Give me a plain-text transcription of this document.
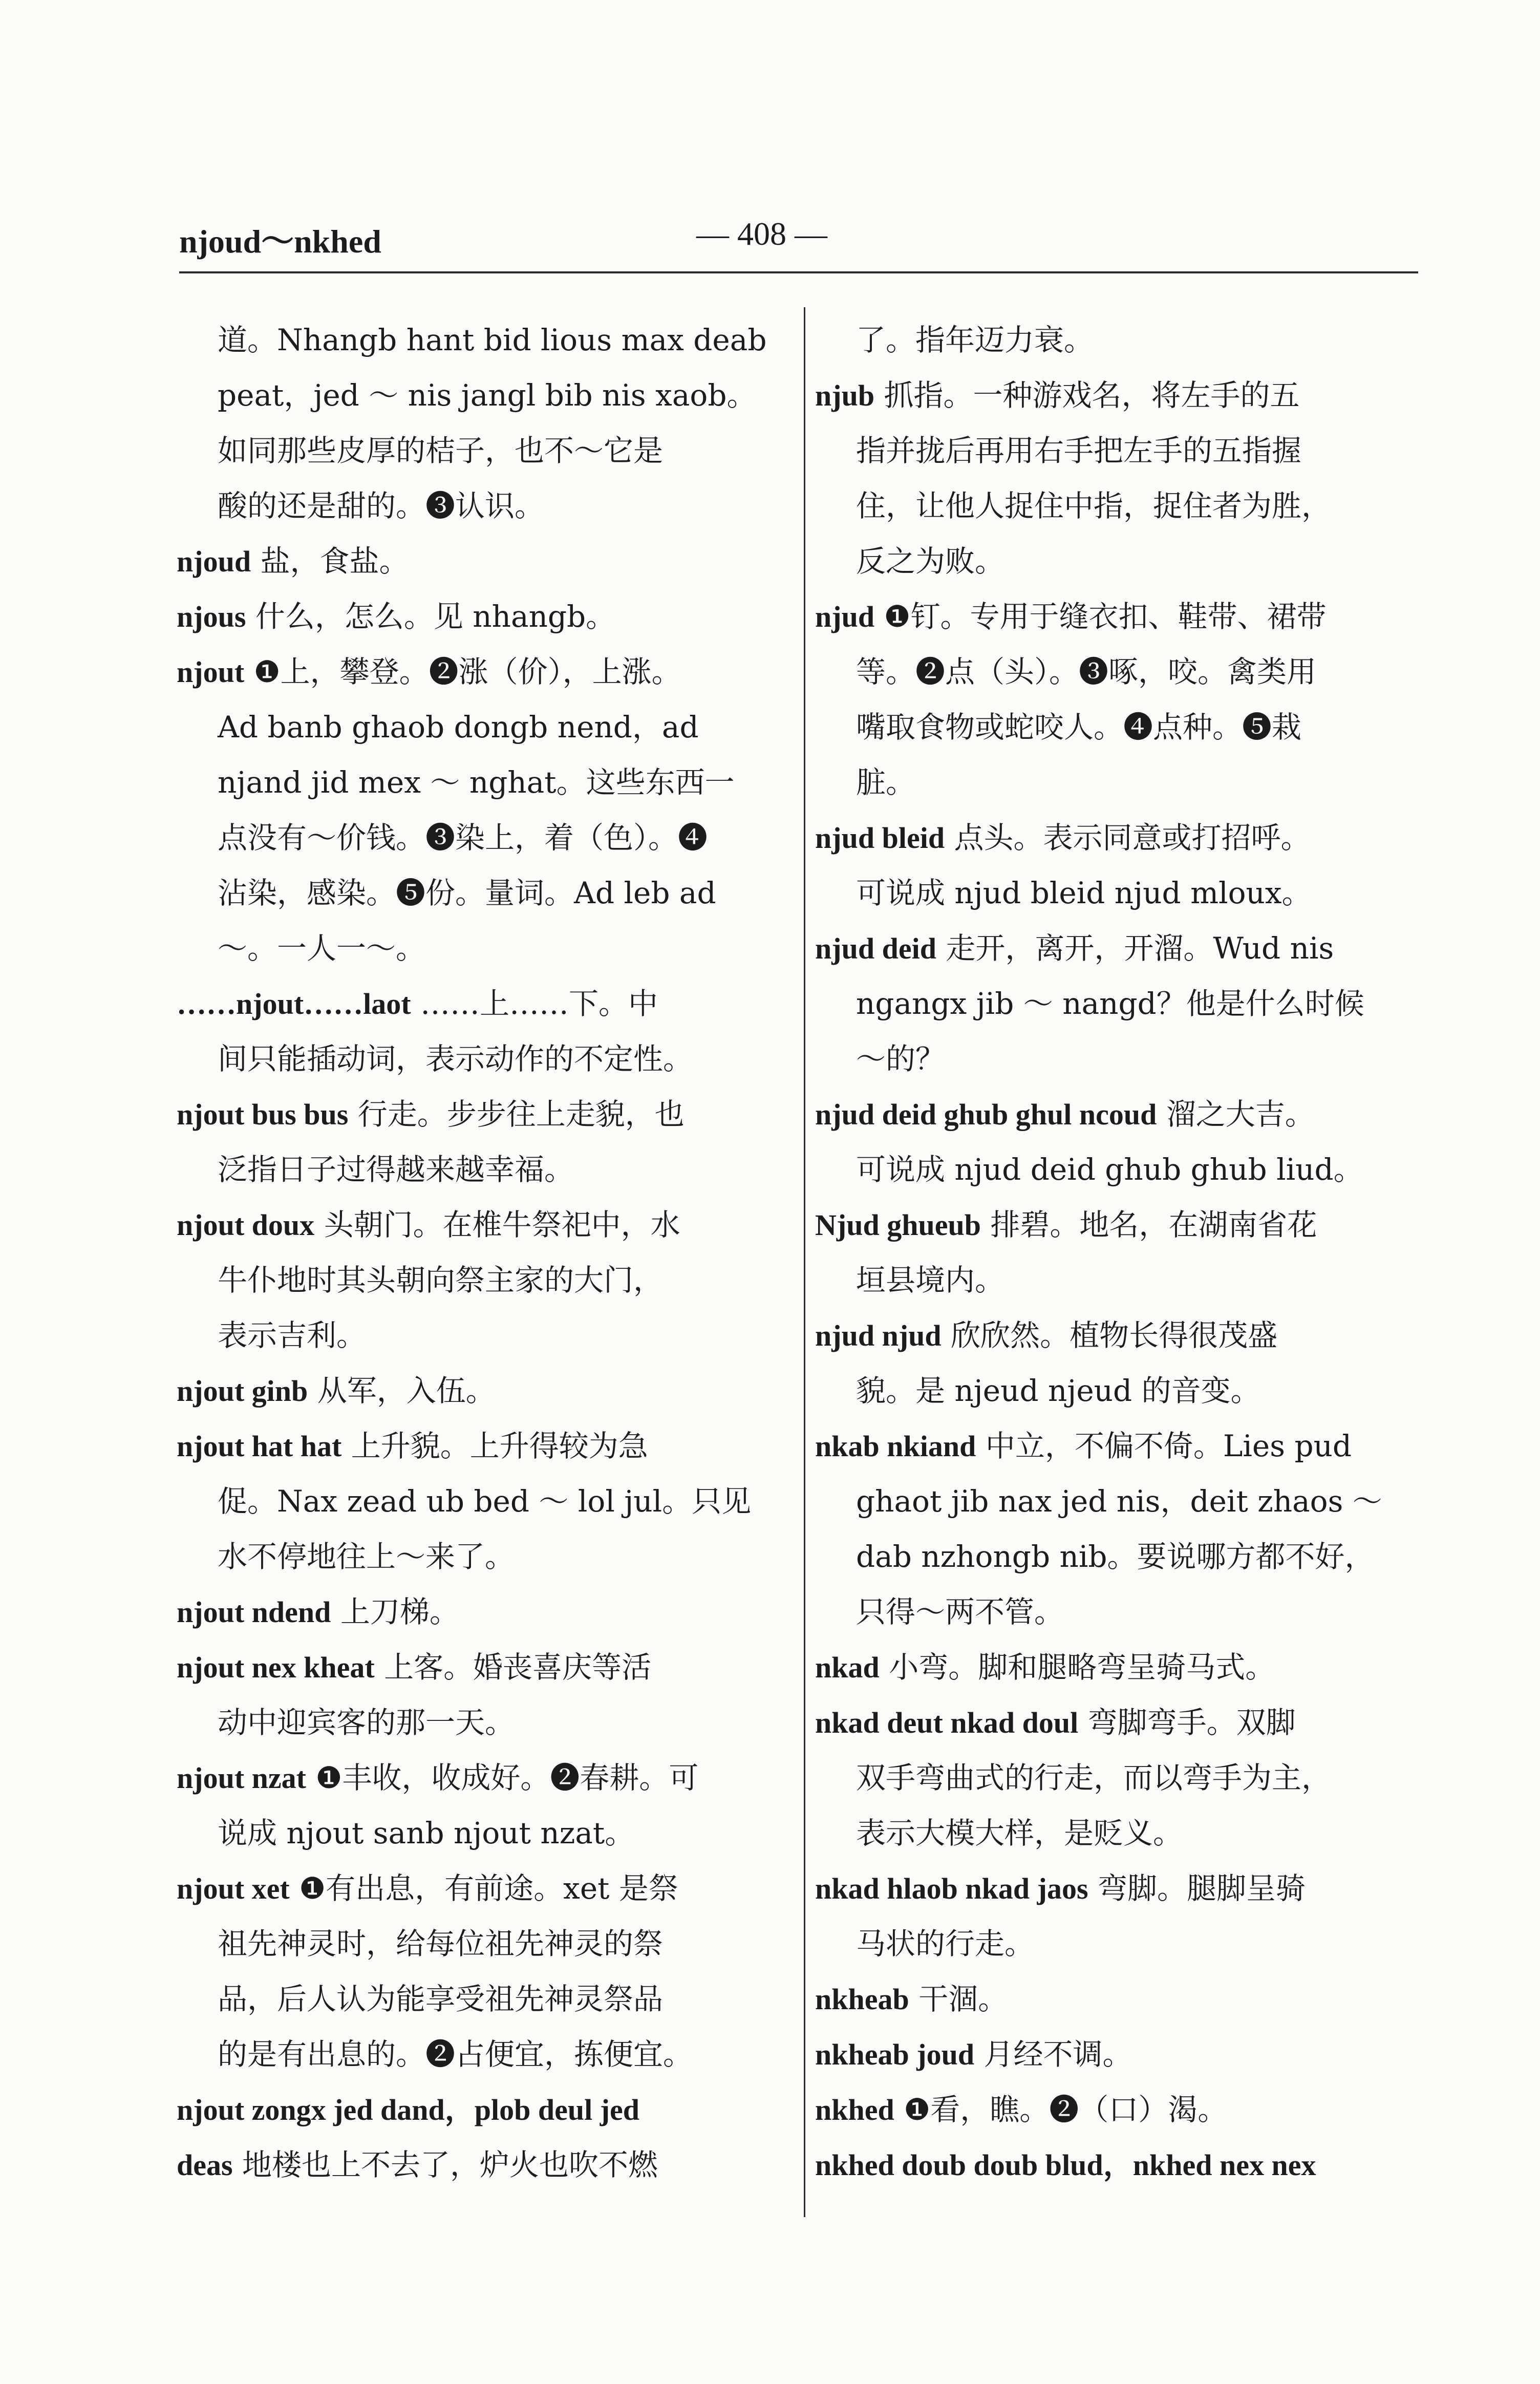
njoud～nkhed	— 408 —
道。Nhangb hant bid lious max deab
peat，jed ～ nis jangl bib nis xaob。
如同那些皮厚的桔子，也不～它是
酸的还是甜的。❸认识。
njoud 盐，食盐。
njous 什么，怎么。见 nhangb。
njout ❶上，攀登。❷涨（价），上涨。
Ad banb ghaob dongb nend，ad
njand jid mex ～ nghat。这些东西一
点没有～价钱。❸染上，着（色）。❹
沾染，感染。❺份。量词。Ad leb ad
～。一人一～。
……njout……laot ……上……下。中
间只能插动词，表示动作的不定性。
njout bus bus 行走。步步往上走貌，也
泛指日子过得越来越幸福。
njout doux 头朝门。在椎牛祭祀中，水
牛仆地时其头朝向祭主家的大门，
表示吉利。
njout ginb 从军，入伍。
njout hat hat 上升貌。上升得较为急
促。Nax zead ub bed ～ lol jul。只见
水不停地往上～来了。
njout ndend 上刀梯。
njout nex kheat 上客。婚丧喜庆等活
动中迎宾客的那一天。
njout nzat ❶丰收，收成好。❷春耕。可
说成 njout sanb njout nzat。
njout xet ❶有出息，有前途。xet 是祭
祖先神灵时，给每位祖先神灵的祭
品，后人认为能享受祖先神灵祭品
的是有出息的。❷占便宜，拣便宜。
njout zongx jed dand，plob deul jed
deas 地楼也上不去了，炉火也吹不燃
了。指年迈力衰。
njub 抓指。一种游戏名，将左手的五
指并拢后再用右手把左手的五指握
住，让他人捉住中指，捉住者为胜，
反之为败。
njud ❶钉。专用于缝衣扣、鞋带、裙带
等。❷点（头）。❸啄，咬。禽类用
嘴取食物或蛇咬人。❹点种。❺栽
脏。
njud bleid 点头。表示同意或打招呼。
可说成 njud bleid njud mloux。
njud deid 走开，离开，开溜。Wud nis
ngangx jib ～ nangd？他是什么时候
～的？
njud deid ghub ghul ncoud 溜之大吉。
可说成 njud deid ghub ghub liud。
Njud ghueub 排碧。地名，在湖南省花
垣县境内。
njud njud 欣欣然。植物长得很茂盛
貌。是 njeud njeud 的音变。
nkab nkiand 中立，不偏不倚。Lies pud
ghaot jib nax jed nis，deit zhaos ～
dab nzhongb nib。要说哪方都不好，
只得～两不管。
nkad 小弯。脚和腿略弯呈骑马式。
nkad deut nkad doul 弯脚弯手。双脚
双手弯曲式的行走，而以弯手为主，
表示大模大样，是贬义。
nkad hlaob nkad jaos 弯脚。腿脚呈骑
马状的行走。
nkheab 干涸。
nkheab joud 月经不调。
nkhed ❶看，瞧。❷（口）渴。
nkhed doub doub blud，nkhed nex nex
